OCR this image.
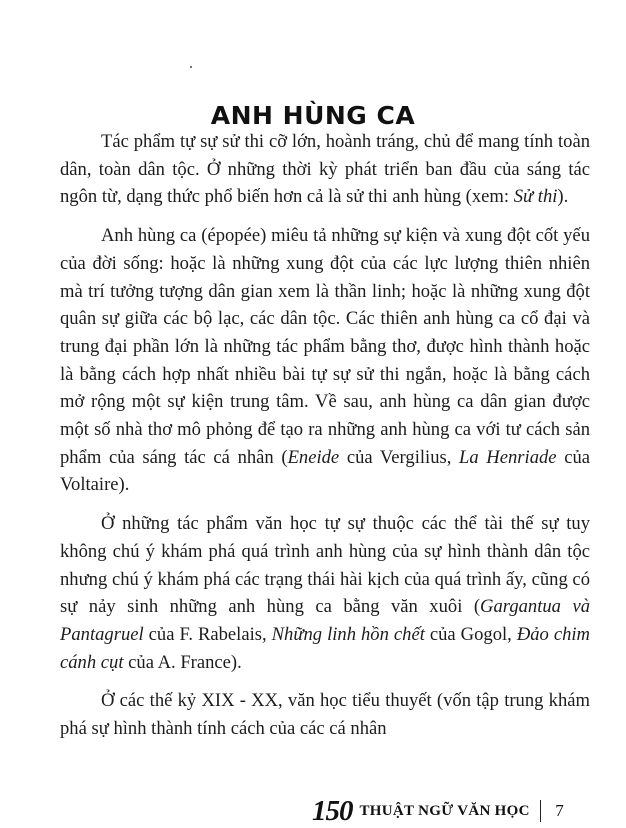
ANH HÙNG CA

Tác phẩm tự sự sử thi cỡ lớn, hoành tráng, chủ để mang tính toàn dân, toàn dân tộc. Ở những thời kỳ phát triển ban đầu của sáng tác ngôn từ, dạng thức phổ biến hơn cả là sử thi anh hùng (xem: Sử thi).

Anh hùng ca (épopée) miêu tả những sự kiện và xung đột cốt yếu của đời sống: hoặc là những xung đột của các lực lượng thiên nhiên mà trí tưởng tượng dân gian xem là thần linh; hoặc là những xung đột quân sự giữa các bộ lạc, các dân tộc. Các thiên anh hùng ca cổ đại và trung đại phần lớn là những tác phẩm bằng thơ, được hình thành hoặc là bằng cách hợp nhất nhiều bài tự sự sử thi ngắn, hoặc là bằng cách mở rộng một sự kiện trung tâm. Về sau, anh hùng ca dân gian được một số nhà thơ mô phỏng để tạo ra những anh hùng ca với tư cách sản phẩm của sáng tác cá nhân (Eneide của Vergilius, La Henriade của Voltaire).

Ở những tác phẩm văn học tự sự thuộc các thể tài thế sự tuy không chú ý khám phá quá trình anh hùng của sự hình thành dân tộc nhưng chú ý khám phá các trạng thái hài kịch của quá trình ấy, cũng có sự nảy sinh những anh hùng ca bằng văn xuôi (Gargantua và Pantagruel của F. Rabelais, Những linh hồn chết của Gogol, Đảo chim cánh cụt của A. France).

Ở các thế kỷ XIX - XX, văn học tiểu thuyết (vốn tập trung khám phá sự hình thành tính cách của các cá nhân

150 THUẬT NGỮ VĂN HỌC 7
